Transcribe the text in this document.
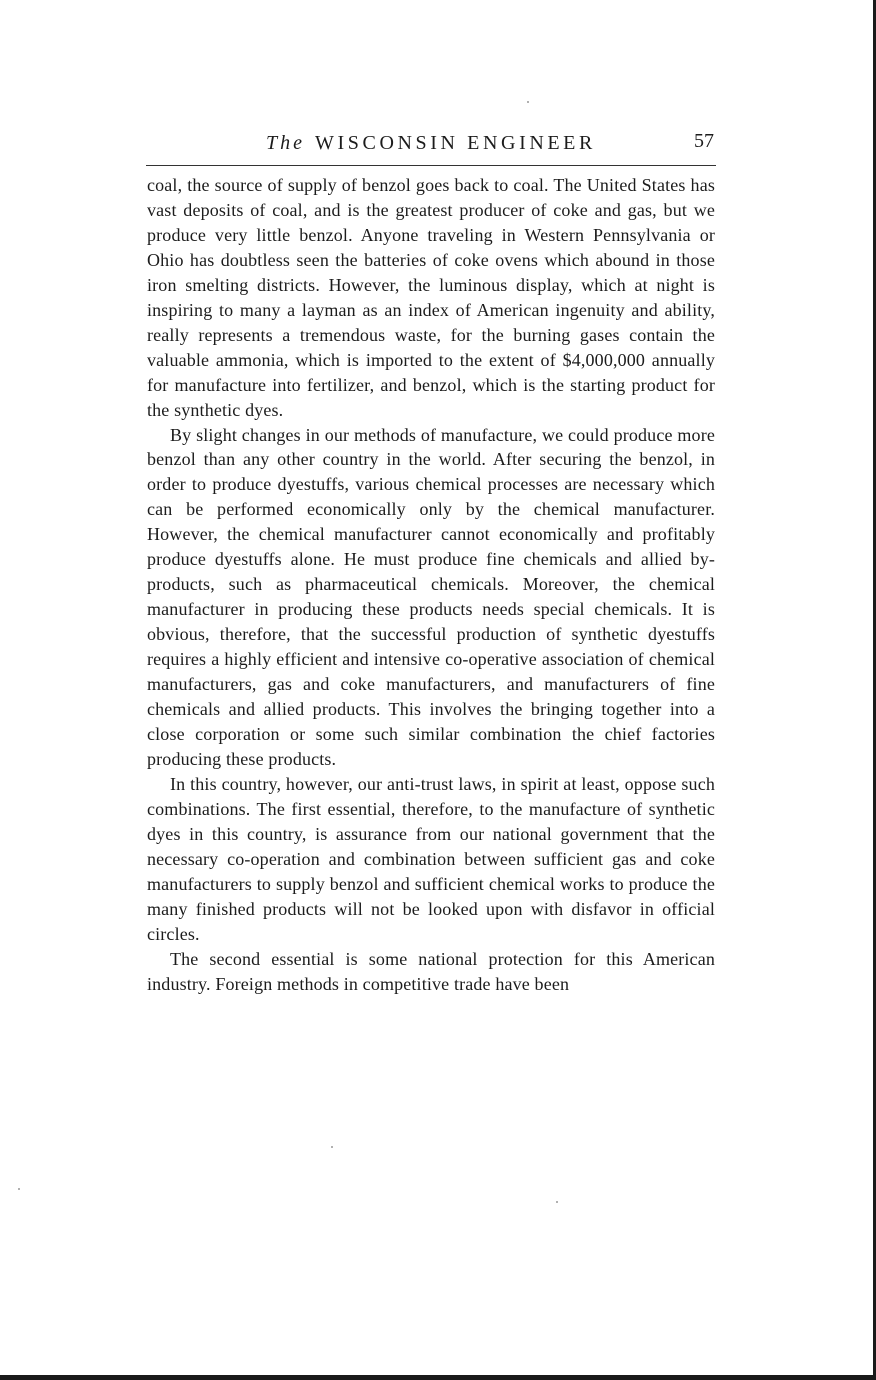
The WISCONSIN ENGINEER	57

coal, the source of supply of benzol goes back to coal. The United States has vast deposits of coal, and is the greatest producer of coke and gas, but we produce very little benzol. Anyone traveling in Western Pennsylvania or Ohio has doubtless seen the batteries of coke ovens which abound in those iron smelting districts. However, the luminous display, which at night is inspiring to many a layman as an index of American ingenuity and ability, really represents a tremendous waste, for the burning gases contain the valuable ammonia, which is imported to the extent of $4,000,000 annually for manufacture into fertilizer, and benzol, which is the starting product for the synthetic dyes.

By slight changes in our methods of manufacture, we could produce more benzol than any other country in the world. After securing the benzol, in order to produce dyestuffs, various chemical processes are necessary which can be performed economically only by the chemical manufacturer. However, the chemical manufacturer cannot economically and profitably produce dyestuffs alone. He must produce fine chemicals and allied by-products, such as pharmaceutical chemicals. Moreover, the chemical manufacturer in producing these products needs special chemicals. It is obvious, therefore, that the successful production of synthetic dyestuffs requires a highly efficient and intensive co-operative association of chemical manufacturers, gas and coke manufacturers, and manufacturers of fine chemicals and allied products. This involves the bringing together into a close corporation or some such similar combination the chief factories producing these products.

In this country, however, our anti-trust laws, in spirit at least, oppose such combinations. The first essential, therefore, to the manufacture of synthetic dyes in this country, is assurance from our national government that the necessary co-operation and combination between sufficient gas and coke manufacturers to supply benzol and sufficient chemical works to produce the many finished products will not be looked upon with disfavor in official circles.

The second essential is some national protection for this American industry. Foreign methods in competitive trade have been
